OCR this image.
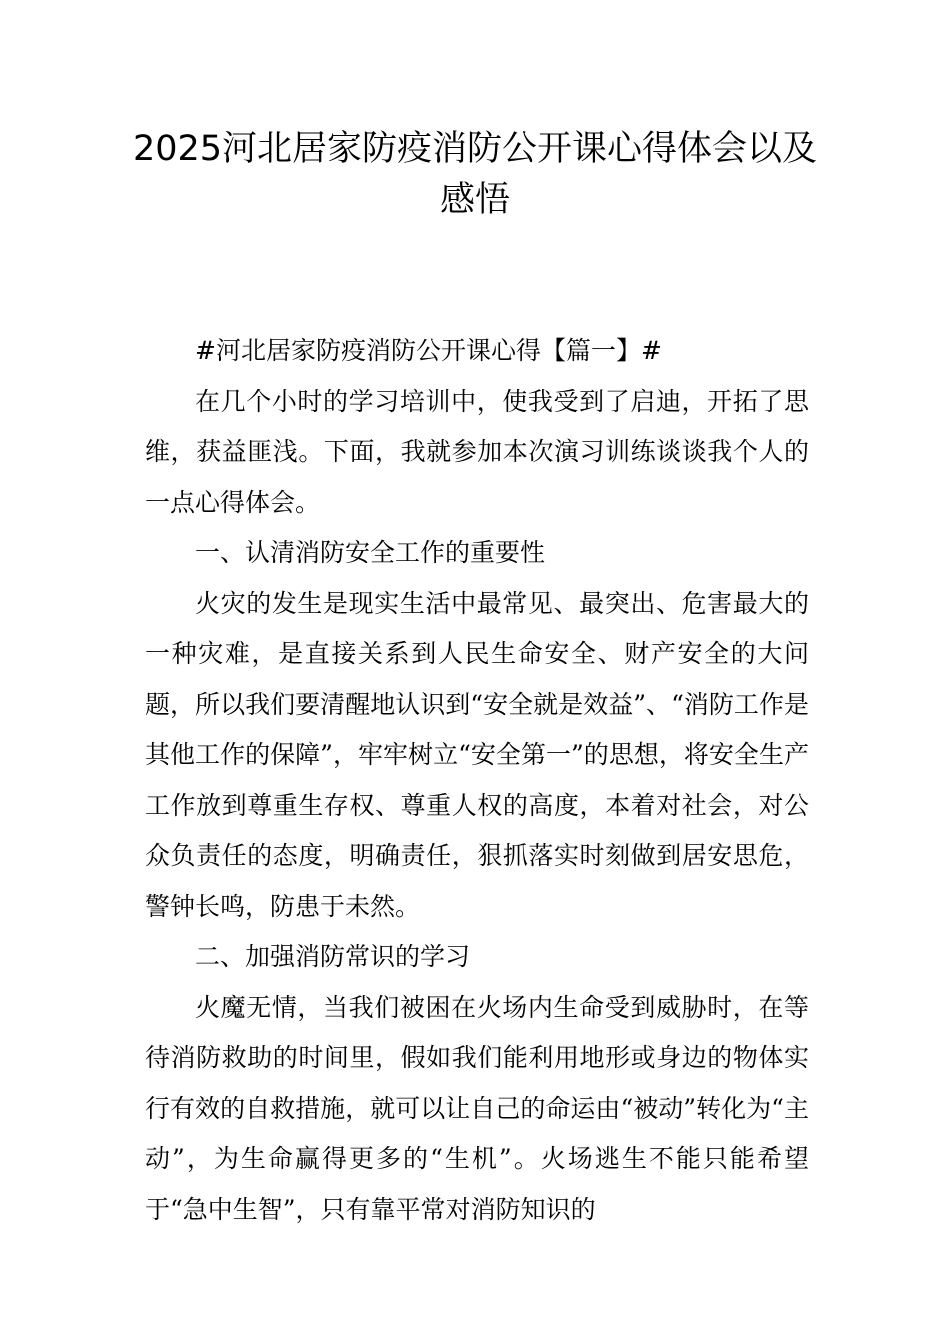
2025河北居家防疫消防公开课心得体会以及感悟

#河北居家防疫消防公开课心得【篇一】#

在几个小时的学习培训中，使我受到了启迪，开拓了思维，获益匪浅。下面，我就参加本次演习训练谈谈我个人的一点心得体会。

一、认清消防安全工作的重要性

火灾的发生是现实生活中最常见、最突出、危害最大的一种灾难，是直接关系到人民生命安全、财产安全的大问题，所以我们要清醒地认识到“安全就是效益”、“消防工作是其他工作的保障”，牢牢树立“安全第一”的思想，将安全生产工作放到尊重生存权、尊重人权的高度，本着对社会，对公众负责任的态度，明确责任，狠抓落实时刻做到居安思危，警钟长鸣，防患于未然。

二、加强消防常识的学习

火魔无情，当我们被困在火场内生命受到威胁时，在等待消防救助的时间里，假如我们能利用地形或身边的物体实行有效的自救措施，就可以让自己的命运由“被动”转化为“主动”，为生命赢得更多的“生机”。火场逃生不能只能希望于“急中生智”，只有靠平常对消防知识的
